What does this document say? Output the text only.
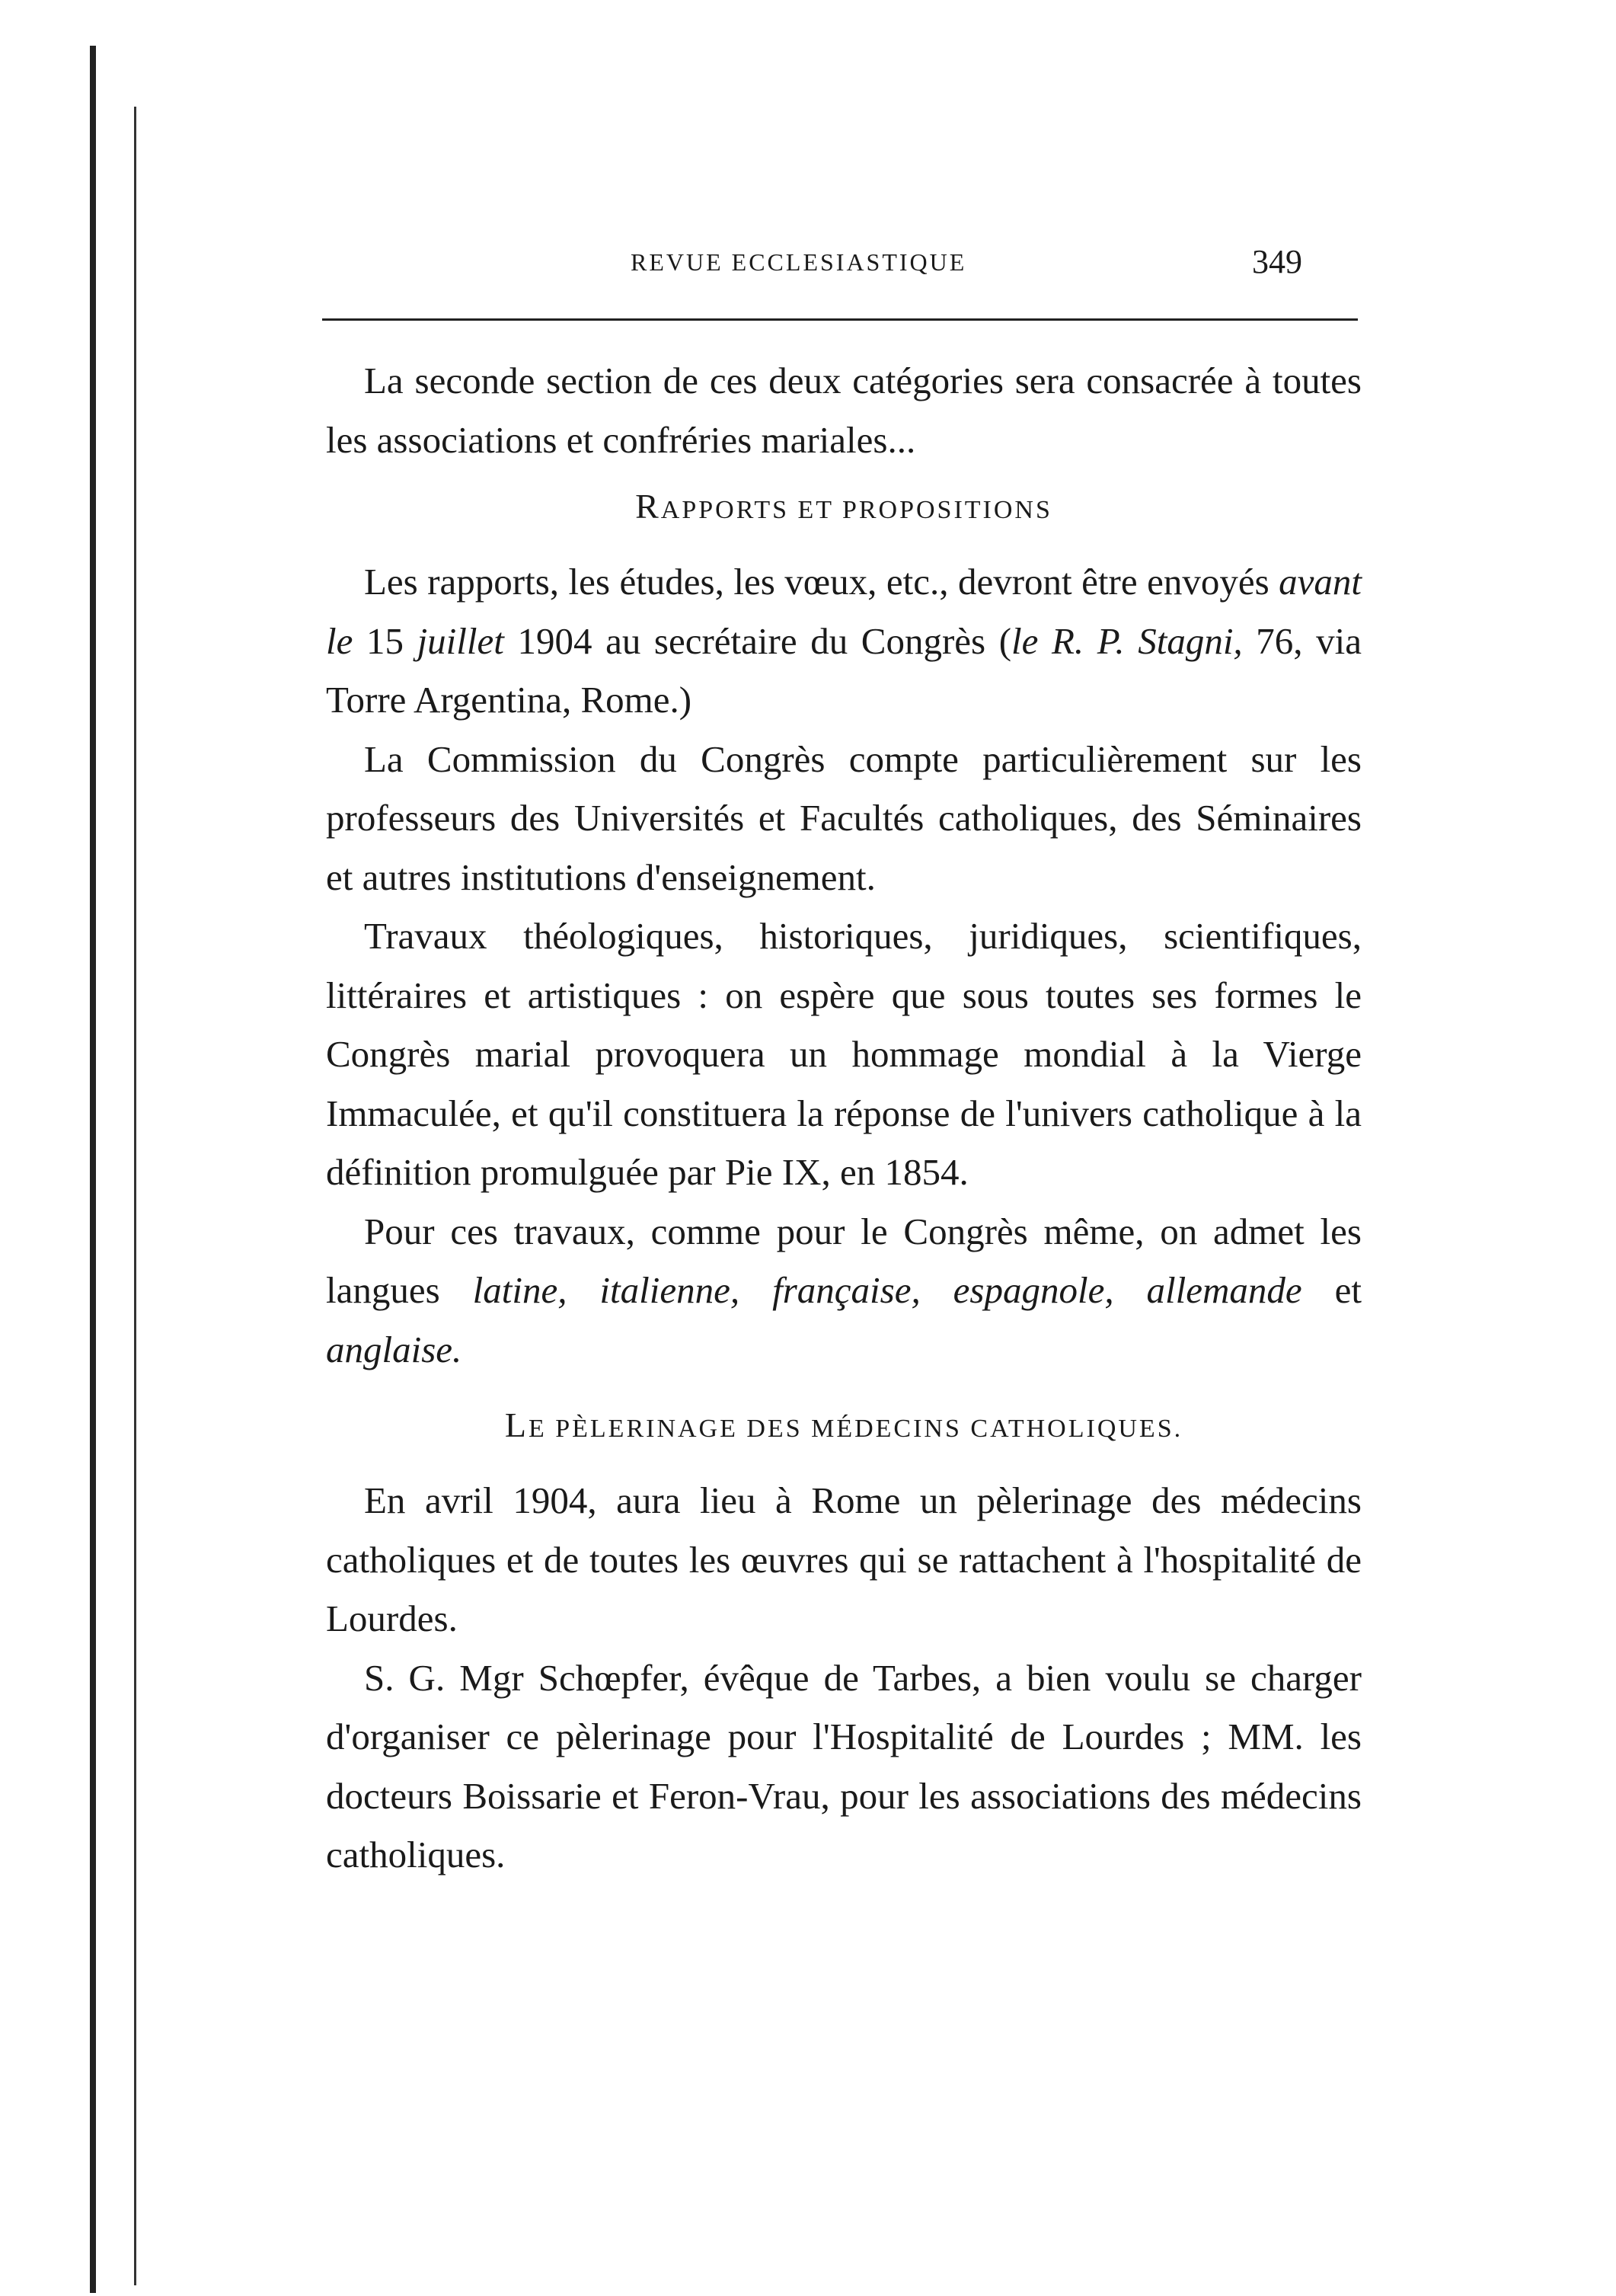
REVUE ECCLESIASTIQUE	349

La seconde section de ces deux catégories sera consacrée à toutes les associations et confréries mariales...

RAPPORTS ET PROPOSITIONS

Les rapports, les études, les vœux, etc., devront être envoyés avant le 15 juillet 1904 au secrétaire du Congrès (le R. P. Stagni, 76, via Torre Argentina, Rome.)

La Commission du Congrès compte particulièrement sur les professeurs des Universités et Facultés catholiques, des Séminaires et autres institutions d'enseignement.

Travaux théologiques, historiques, juridiques, scientifiques, littéraires et artistiques : on espère que sous toutes ses formes le Congrès marial provoquera un hommage mondial à la Vierge Immaculée, et qu'il constituera la réponse de l'univers catholique à la définition promulguée par Pie IX, en 1854.

Pour ces travaux, comme pour le Congrès même, on admet les langues latine, italienne, française, espagnole, allemande et anglaise.

LE PÈLERINAGE DES MÉDECINS CATHOLIQUES.

En avril 1904, aura lieu à Rome un pèlerinage des médecins catholiques et de toutes les œuvres qui se rattachent à l'hospitalité de Lourdes.

S. G. Mgr Schœpfer, évêque de Tarbes, a bien voulu se charger d'organiser ce pèlerinage pour l'Hospitalité de Lourdes ; MM. les docteurs Boissarie et Feron-Vrau, pour les associations des médecins catholiques.
